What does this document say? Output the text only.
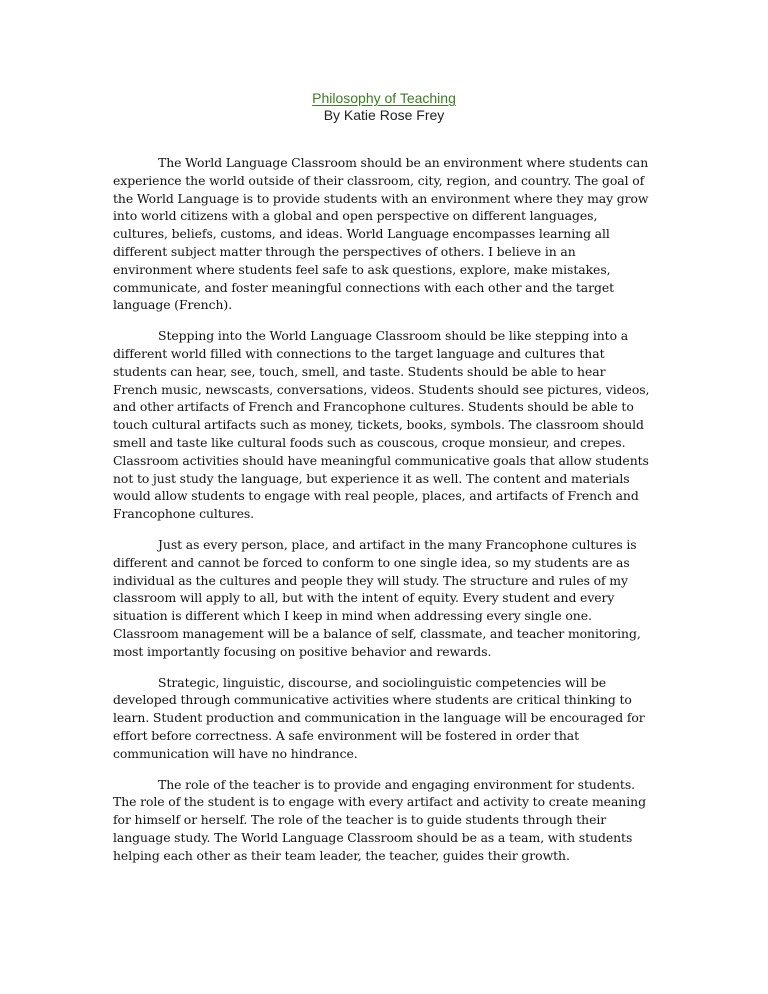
Philosophy of Teaching
By Katie Rose Frey

The World Language Classroom should be an environment where students can experience the world outside of their classroom, city, region, and country. The goal of the World Language is to provide students with an environment where they may grow into world citizens with a global and open perspective on different languages, cultures, beliefs, customs, and ideas. World Language encompasses learning all different subject matter through the perspectives of others. I believe in an environment where students feel safe to ask questions, explore, make mistakes, communicate, and foster meaningful connections with each other and the target language (French).

Stepping into the World Language Classroom should be like stepping into a different world filled with connections to the target language and cultures that students can hear, see, touch, smell, and taste. Students should be able to hear French music, newscasts, conversations, videos. Students should see pictures, videos, and other artifacts of French and Francophone cultures. Students should be able to touch cultural artifacts such as money, tickets, books, symbols. The classroom should smell and taste like cultural foods such as couscous, croque monsieur, and crepes. Classroom activities should have meaningful communicative goals that allow students not to just study the language, but experience it as well. The content and materials would allow students to engage with real people, places, and artifacts of French and Francophone cultures.

Just as every person, place, and artifact in the many Francophone cultures is different and cannot be forced to conform to one single idea, so my students are as individual as the cultures and people they will study. The structure and rules of my classroom will apply to all, but with the intent of equity. Every student and every situation is different which I keep in mind when addressing every single one. Classroom management will be a balance of self, classmate, and teacher monitoring, most importantly focusing on positive behavior and rewards.

Strategic, linguistic, discourse, and sociolinguistic competencies will be developed through communicative activities where students are critical thinking to learn. Student production and communication in the language will be encouraged for effort before correctness. A safe environment will be fostered in order that communication will have no hindrance.

The role of the teacher is to provide and engaging environment for students. The role of the student is to engage with every artifact and activity to create meaning for himself or herself. The role of the teacher is to guide students through their language study. The World Language Classroom should be as a team, with students helping each other as their team leader, the teacher, guides their growth.
